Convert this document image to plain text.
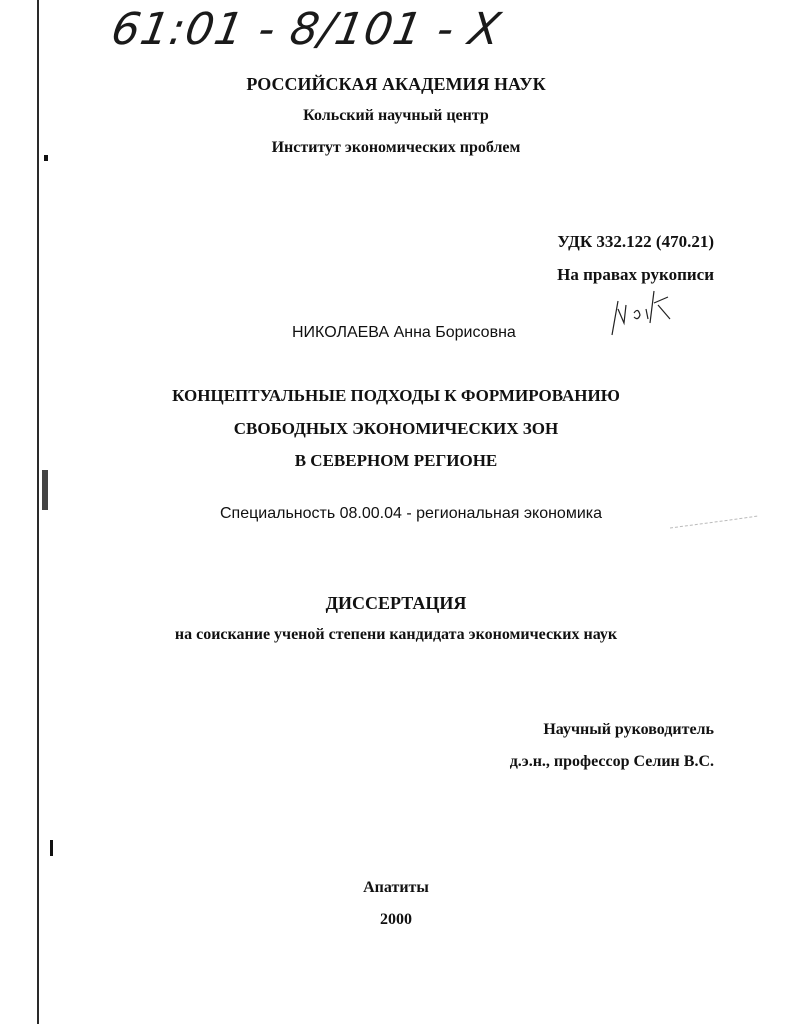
61:01 - 8/101 - X
РОССИЙСКАЯ АКАДЕМИЯ НАУК
Кольский научный центр
Институт экономических проблем
УДК 332.122 (470.21)
На правах рукописи
НИКОЛАЕВА Анна Борисовна
КОНЦЕПТУАЛЬНЫЕ ПОДХОДЫ К ФОРМИРОВАНИЮ
СВОБОДНЫХ ЭКОНОМИЧЕСКИХ ЗОН
В СЕВЕРНОМ РЕГИОНЕ
Специальность 08.00.04 - региональная экономика
ДИССЕРТАЦИЯ
на соискание ученой степени кандидата экономических наук
Научный руководитель
д.э.н., профессор Селин В.С.
Апатиты
2000
